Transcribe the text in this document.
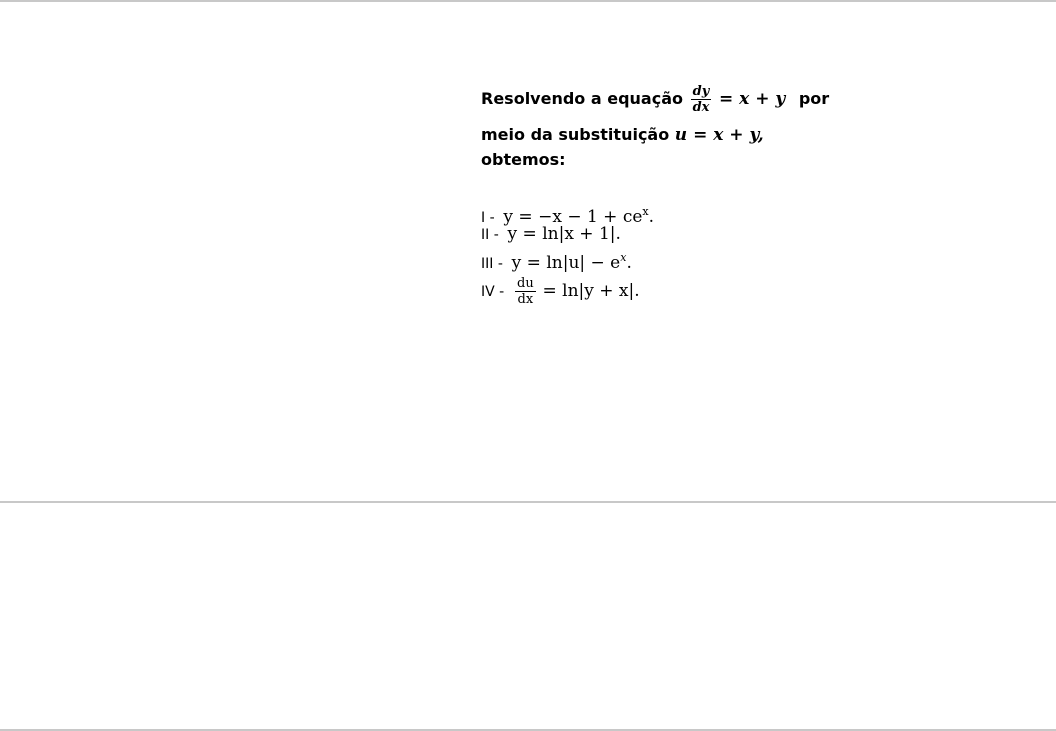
Resolvendo a equação $\frac{dy}{dx} = x + y$ por
meio da substituição u = x + y,
obtemos:
$I - y = -x - 1 + ce^x$.
II - y = ln|x + 1|.
III - $y = \ln|u| - e^x$.
IV - $\frac{du}{dx} = \ln|y + x|$.
